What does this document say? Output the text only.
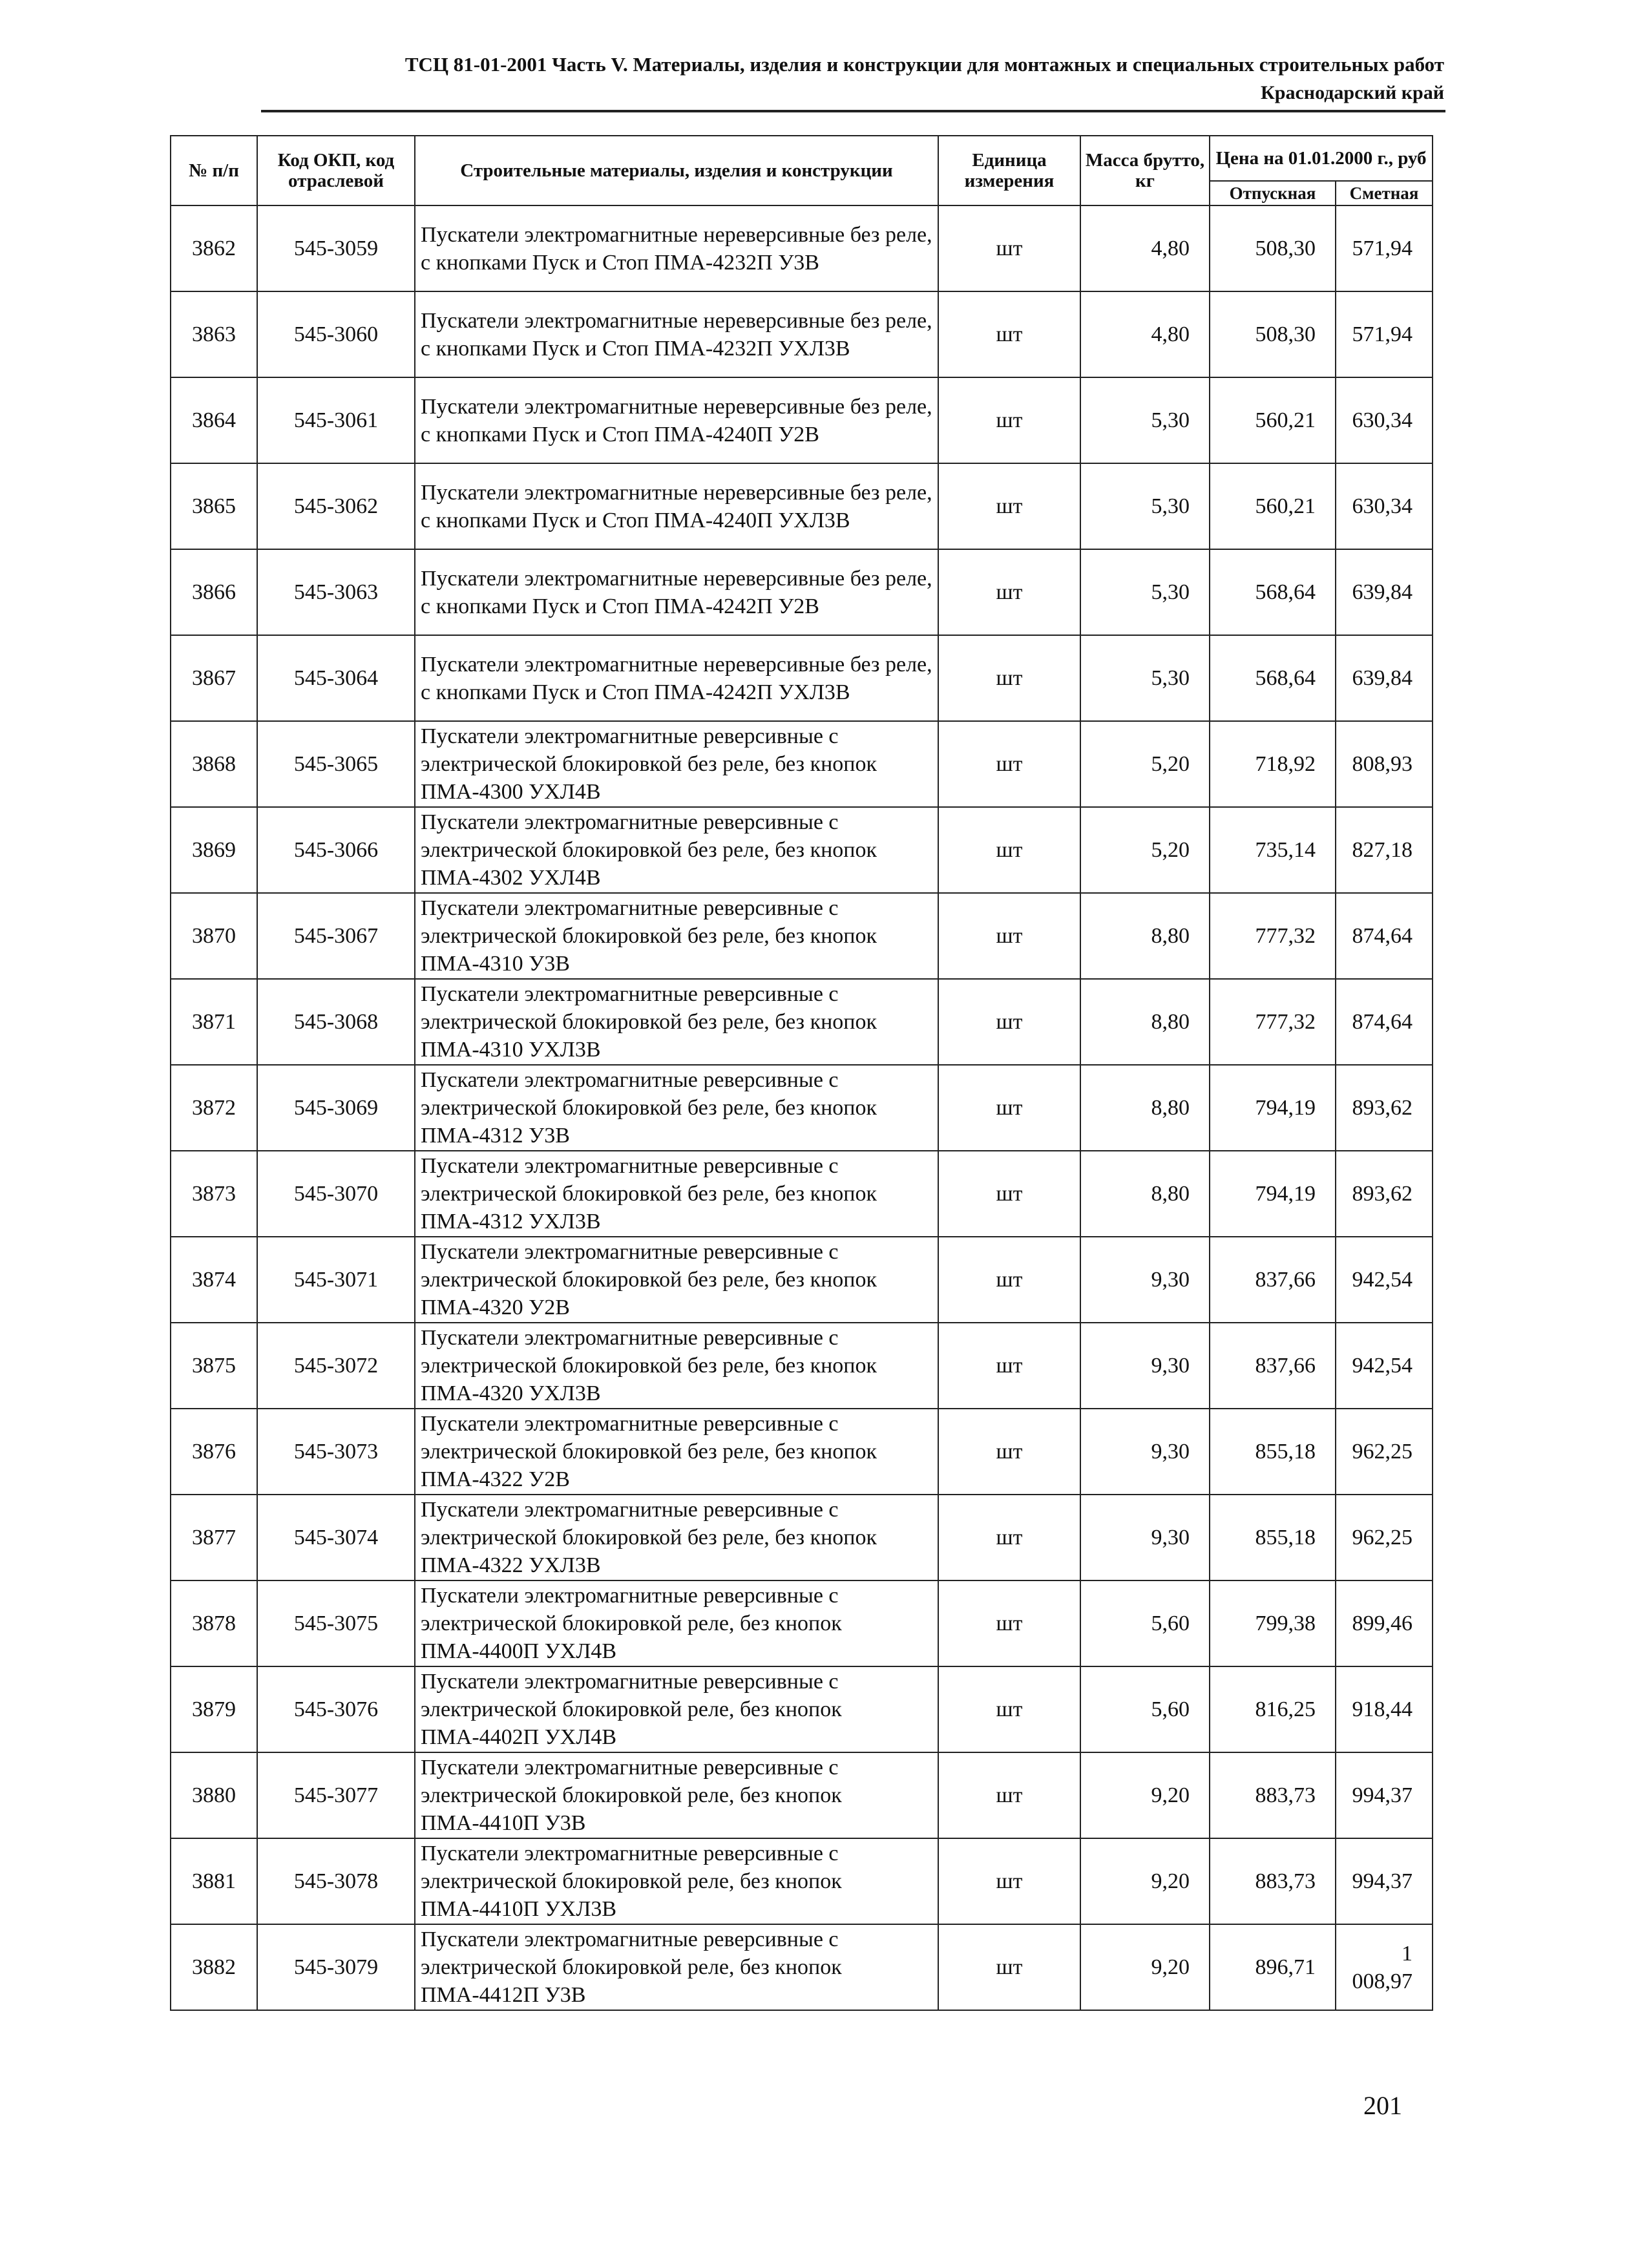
ТСЦ 81-01-2001 Часть V. Материалы, изделия и конструкции для монтажных и специальных строительных работ
Краснодарский край
№ п/п	Код ОКП, код отраслевой	Строительные материалы, изделия и конструкции	Единица измерения	Масса брутто, кг	Цена на 01.01.2000 г., руб	
					Отпускная	Сметная
3862	545-3059	Пускатели электромагнитные нереверсивные без реле, с кнопками Пуск и Стоп ПМА-4232П У3В	шт	4,80	508,30	571,94
3863	545-3060	Пускатели электромагнитные нереверсивные без реле, с кнопками Пуск и Стоп ПМА-4232П УХЛ3В	шт	4,80	508,30	571,94
3864	545-3061	Пускатели электромагнитные нереверсивные без реле, с кнопками Пуск и Стоп ПМА-4240П У2В	шт	5,30	560,21	630,34
3865	545-3062	Пускатели электромагнитные нереверсивные без реле, с кнопками Пуск и Стоп ПМА-4240П УХЛ3В	шт	5,30	560,21	630,34
3866	545-3063	Пускатели электромагнитные нереверсивные без реле, с кнопками Пуск и Стоп ПМА-4242П У2В	шт	5,30	568,64	639,84
3867	545-3064	Пускатели электромагнитные нереверсивные без реле, с кнопками Пуск и Стоп ПМА-4242П УХЛ3В	шт	5,30	568,64	639,84
3868	545-3065	Пускатели электромагнитные реверсивные с электрической блокировкой без реле, без кнопок ПМА-4300 УХЛ4В	шт	5,20	718,92	808,93
3869	545-3066	Пускатели электромагнитные реверсивные с электрической блокировкой без реле, без кнопок ПМА-4302 УХЛ4В	шт	5,20	735,14	827,18
3870	545-3067	Пускатели электромагнитные реверсивные с электрической блокировкой без реле, без кнопок ПМА-4310 У3В	шт	8,80	777,32	874,64
3871	545-3068	Пускатели электромагнитные реверсивные с электрической блокировкой без реле, без кнопок ПМА-4310 УХЛ3В	шт	8,80	777,32	874,64
3872	545-3069	Пускатели электромагнитные реверсивные с электрической блокировкой без реле, без кнопок ПМА-4312 У3В	шт	8,80	794,19	893,62
3873	545-3070	Пускатели электромагнитные реверсивные с электрической блокировкой без реле, без кнопок ПМА-4312 УХЛ3В	шт	8,80	794,19	893,62
3874	545-3071	Пускатели электромагнитные реверсивные с электрической блокировкой без реле, без кнопок ПМА-4320 У2В	шт	9,30	837,66	942,54
3875	545-3072	Пускатели электромагнитные реверсивные с электрической блокировкой без реле, без кнопок ПМА-4320 УХЛ3В	шт	9,30	837,66	942,54
3876	545-3073	Пускатели электромагнитные реверсивные с электрической блокировкой без реле, без кнопок ПМА-4322 У2В	шт	9,30	855,18	962,25
3877	545-3074	Пускатели электромагнитные реверсивные с электрической блокировкой без реле, без кнопок ПМА-4322 УХЛ3В	шт	9,30	855,18	962,25
3878	545-3075	Пускатели электромагнитные реверсивные с электрической блокировкой реле, без кнопок ПМА-4400П УХЛ4В	шт	5,60	799,38	899,46
3879	545-3076	Пускатели электромагнитные реверсивные с электрической блокировкой реле, без кнопок ПМА-4402П УХЛ4В	шт	5,60	816,25	918,44
3880	545-3077	Пускатели электромагнитные реверсивные с электрической блокировкой реле, без кнопок ПМА-4410П У3В	шт	9,20	883,73	994,37
3881	545-3078	Пускатели электромагнитные реверсивные с электрической блокировкой реле, без кнопок ПМА-4410П УХЛ3В	шт	9,20	883,73	994,37
3882	545-3079	Пускатели электромагнитные реверсивные с электрической блокировкой реле, без кнопок ПМА-4412П У3В	шт	9,20	896,71	1 008,97
201
